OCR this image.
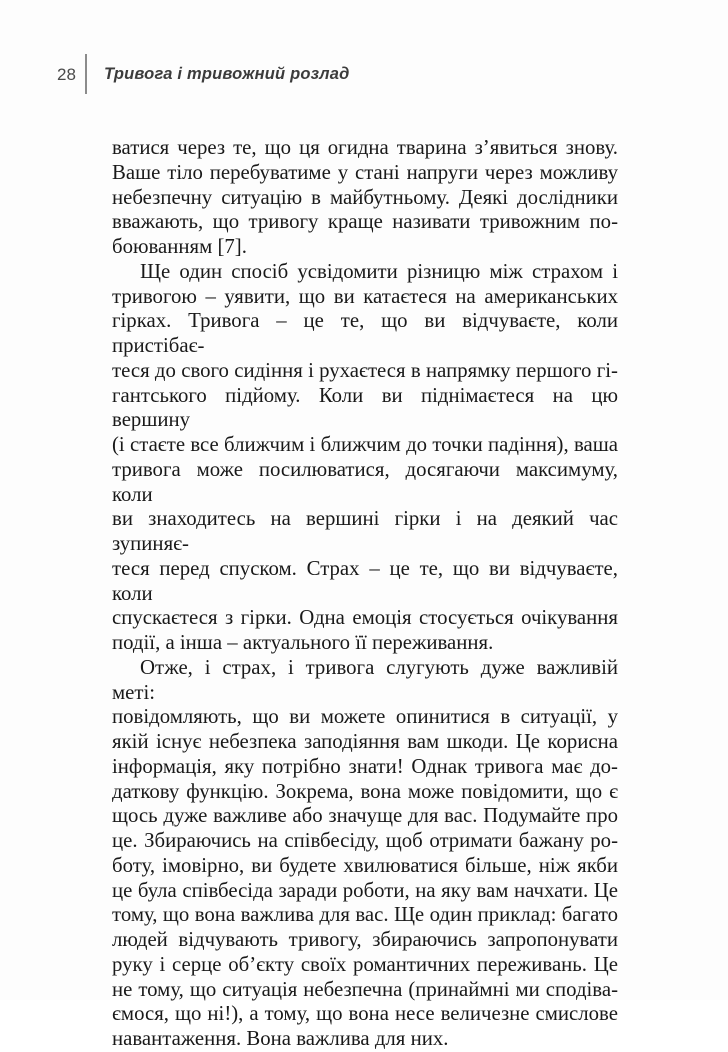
28 Тривога і тривожний розлад
ватися через те, що ця огидна тварина з’явиться знову.
Ваше тіло перебуватиме у стані напруги через можливу
небезпечну ситуацію в майбутньому. Деякі дослідники
вважають, що тривогу краще називати тривожним по-
боюванням [7].
Ще один спосіб усвідомити різницю між страхом і
тривогою – уявити, що ви катаєтеся на американських
гірках. Тривога – це те, що ви відчуваєте, коли пристібає-
теся до свого сидіння і рухаєтеся в напрямку першого гі-
гантського підйому. Коли ви піднімаєтеся на цю вершину
(і стаєте все ближчим і ближчим до точки падіння), ваша
тривога може посилюватися, досягаючи максимуму, коли
ви знаходитесь на вершині гірки і на деякий час зупиняє-
теся перед спуском. Страх – це те, що ви відчуваєте, коли
спускаєтеся з гірки. Одна емоція стосується очікування
події, а інша – актуального її переживання.
Отже, і страх, і тривога слугують дуже важливій меті:
повідомляють, що ви можете опинитися в ситуації, у
якій існує небезпека заподіяння вам шкоди. Це корисна
інформація, яку потрібно знати! Однак тривога має до-
даткову функцію. Зокрема, вона може повідомити, що є
щось дуже важливе або значуще для вас. Подумайте про
це. Збираючись на співбесіду, щоб отримати бажану ро-
боту, імовірно, ви будете хвилюватися більше, ніж якби
це була співбесіда заради роботи, на яку вам начхати. Це
тому, що вона важлива для вас. Ще один приклад: багато
людей відчувають тривогу, збираючись запропонувати
руку і серце об’єкту своїх романтичних переживань. Це
не тому, що ситуація небезпечна (принаймні ми сподіва-
ємося, що ні!), а тому, що вона несе величезне смислове
навантаження. Вона важлива для них.
